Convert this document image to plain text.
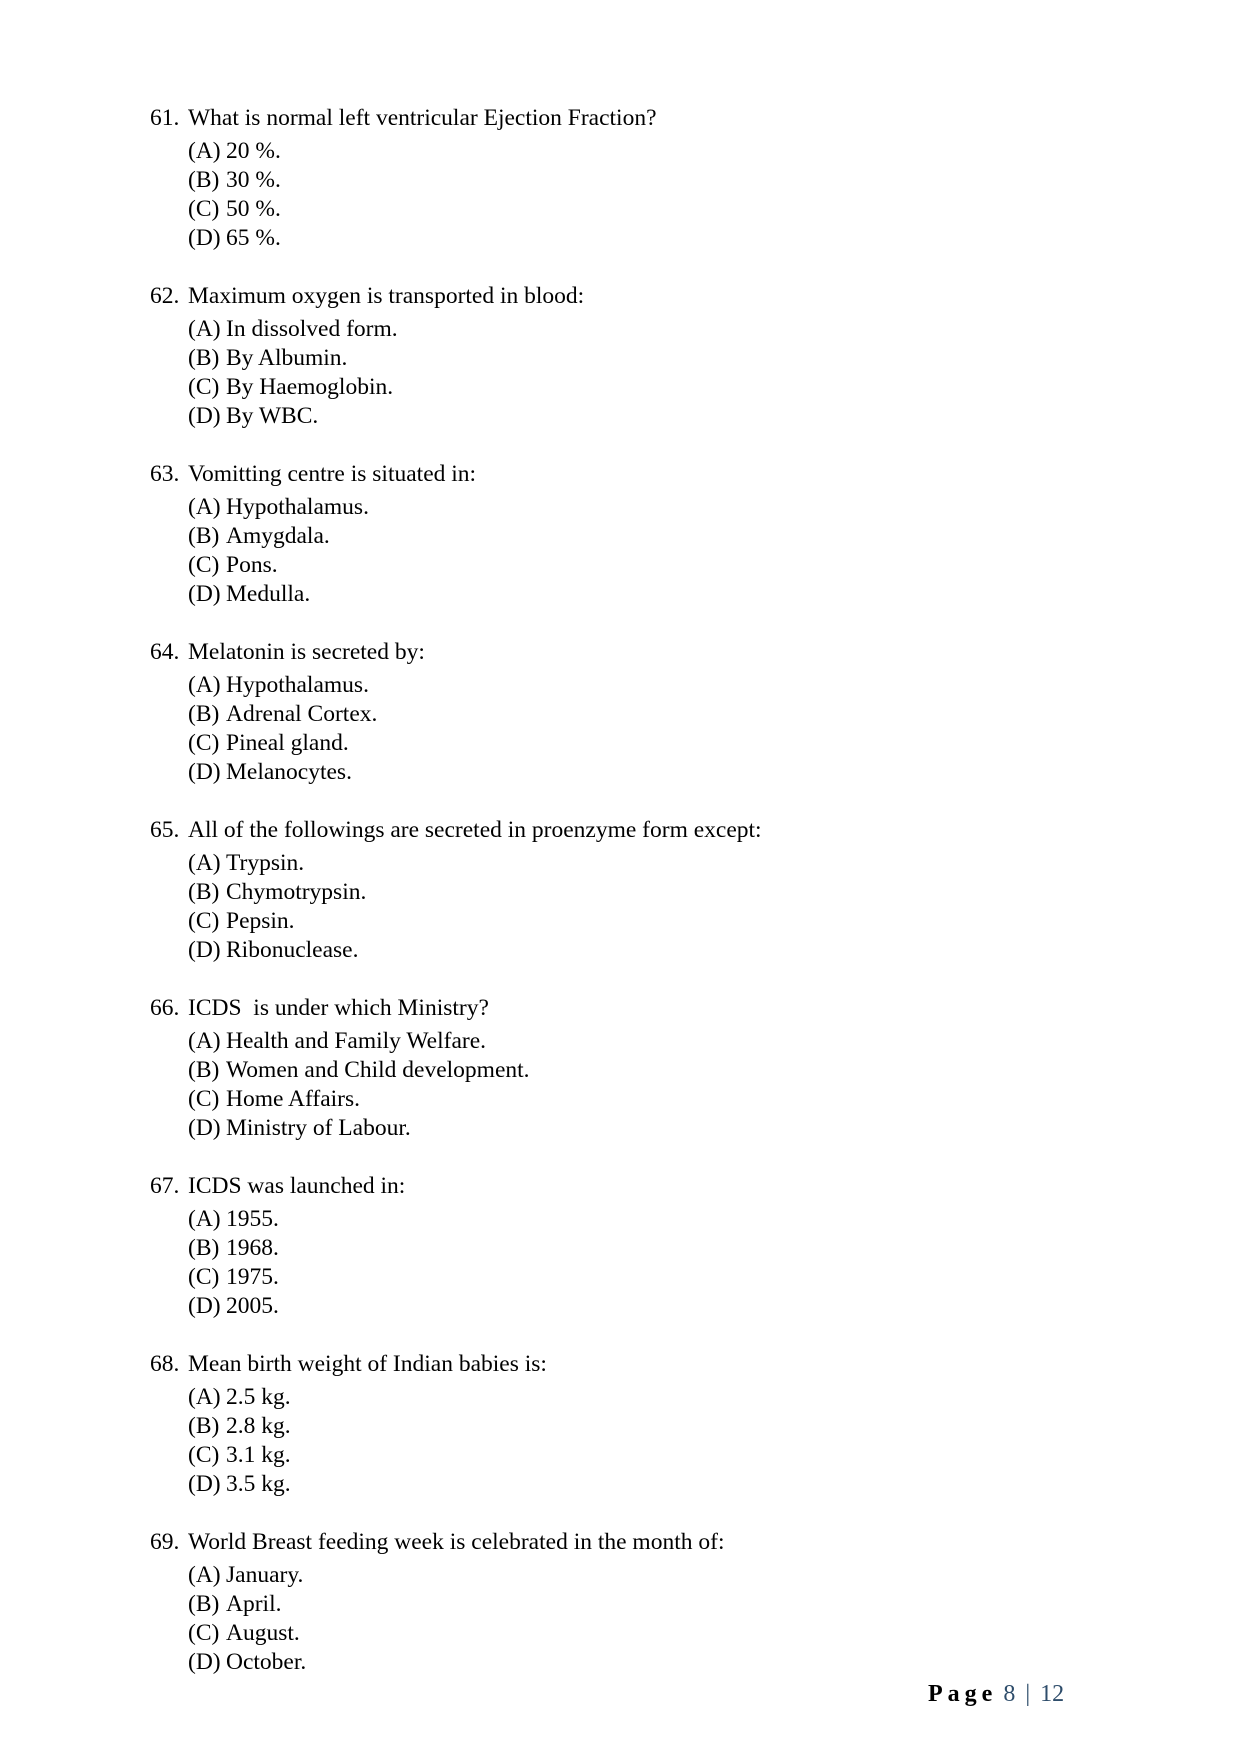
61. What is normal left ventricular Ejection Fraction?
(A) 20 %.
(B) 30 %.
(C) 50 %.
(D) 65 %.
62. Maximum oxygen is transported in blood:
(A) In dissolved form.
(B) By Albumin.
(C) By Haemoglobin.
(D) By WBC.
63. Vomitting centre is situated in:
(A) Hypothalamus.
(B) Amygdala.
(C) Pons.
(D) Medulla.
64. Melatonin is secreted by:
(A) Hypothalamus.
(B) Adrenal Cortex.
(C) Pineal gland.
(D) Melanocytes.
65. All of the followings are secreted in proenzyme form except:
(A) Trypsin.
(B) Chymotrypsin.
(C) Pepsin.
(D) Ribonuclease.
66. ICDS  is under which Ministry?
(A) Health and Family Welfare.
(B) Women and Child development.
(C) Home Affairs.
(D) Ministry of Labour.
67. ICDS was launched in:
(A) 1955.
(B) 1968.
(C) 1975.
(D) 2005.
68. Mean birth weight of Indian babies is:
(A) 2.5 kg.
(B) 2.8 kg.
(C) 3.1 kg.
(D) 3.5 kg.
69. World Breast feeding week is celebrated in the month of:
(A) January.
(B) April.
(C) August.
(D) October.
Page 8 | 12
